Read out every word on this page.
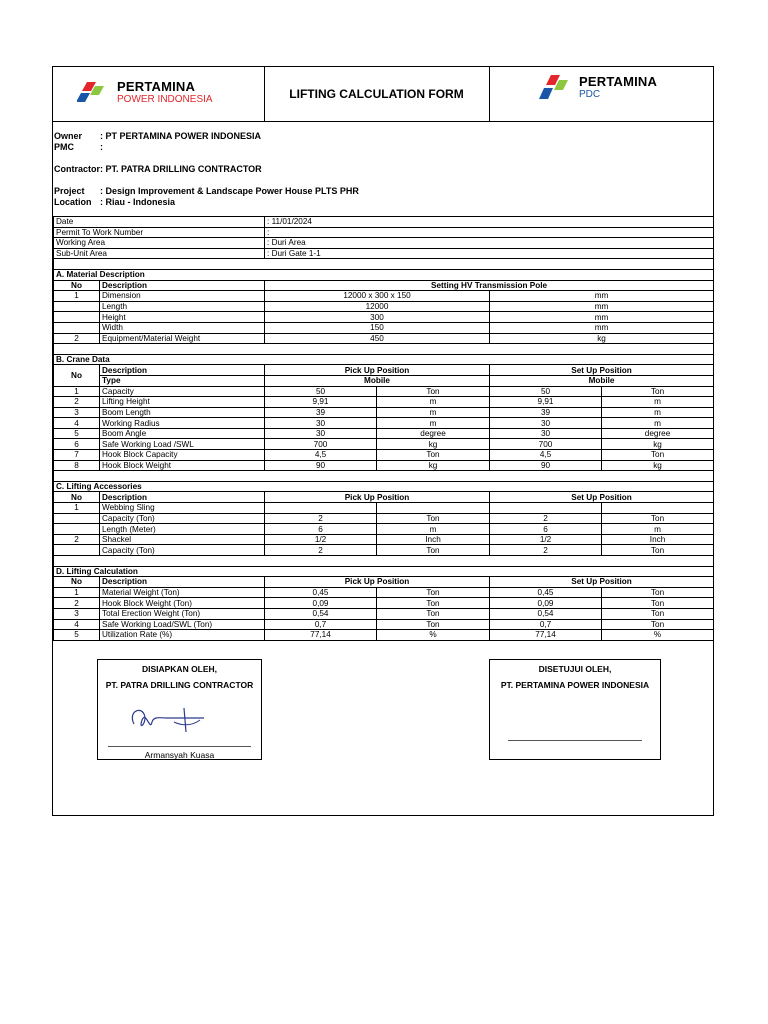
PERTAMINA
POWER INDONESIA	LIFTING CALCULATION FORM
PERTAMINA
PDC
Owner : PT PERTAMINA POWER INDONESIA
PMC	:
Contractor : PT. PATRA DRILLING CONTRACTOR
Project : Design Improvement & Landscape Power House PLTS PHR
Location : Riau - Indonesia
Date		: 11/01/2024			
Permit To Work Number		:			
Working Area		: Duri Area			
Sub-Unit Area		: Duri Gate 1-1			

A. Material Description					
No	Description	Setting HV Transmission Pole			
1	Dimension	12000 x 300 x 150		mm	
	Length	12000		mm	
	Height	300		mm	
	Width	150		mm	
2	Equipment/Material Weight	450		kg	

B. Crane Data					
No	Description	Pick Up Position		Set Up Position	
	Type	Mobile		Mobile	
1	Capacity	50	Ton	50	Ton
2	Lifting Height	9,91	m	9,91	m
3	Boom Length	39	m	39	m
4	Working Radius	30	m	30	m
5	Boom Angle	30	degree	30	degree
6	Safe Working Load /SWL	700	kg	700	kg
7	Hook Block Capacity	4,5	Ton	4,5	Ton
8	Hook Block Weight	90	kg	90	kg

C. Lifting Accessories					
No	Description	Pick Up Position		Set Up Position	
1	Webbing Sling				
	Capacity (Ton)	2	Ton	2	Ton
	Length (Meter)	6	m	6	m
2	Shackel	1/2	Inch	1/2	Inch
	Capacity (Ton)	2	Ton	2	Ton

D. Lifting Calculation					
No	Description	Pick Up Position		Set Up Position	
1	Material Weight (Ton)	0,45	Ton	0,45	Ton
2	Hook Block Weight (Ton)	0,09	Ton	0,09	Ton
3	Total Erection Weight (Ton)	0,54	Ton	0,54	Ton
4	Safe Working Load/SWL (Ton)	0,7	Ton	0,7	Ton
5	Utilization Rate (%)	77,14	%	77,14	%
DISIAPKAN OLEH,
PT. PATRA DRILLING CONTRACTOR
Armansyah Kuasa
DISETUJUI OLEH,
PT. PERTAMINA POWER INDONESIA
